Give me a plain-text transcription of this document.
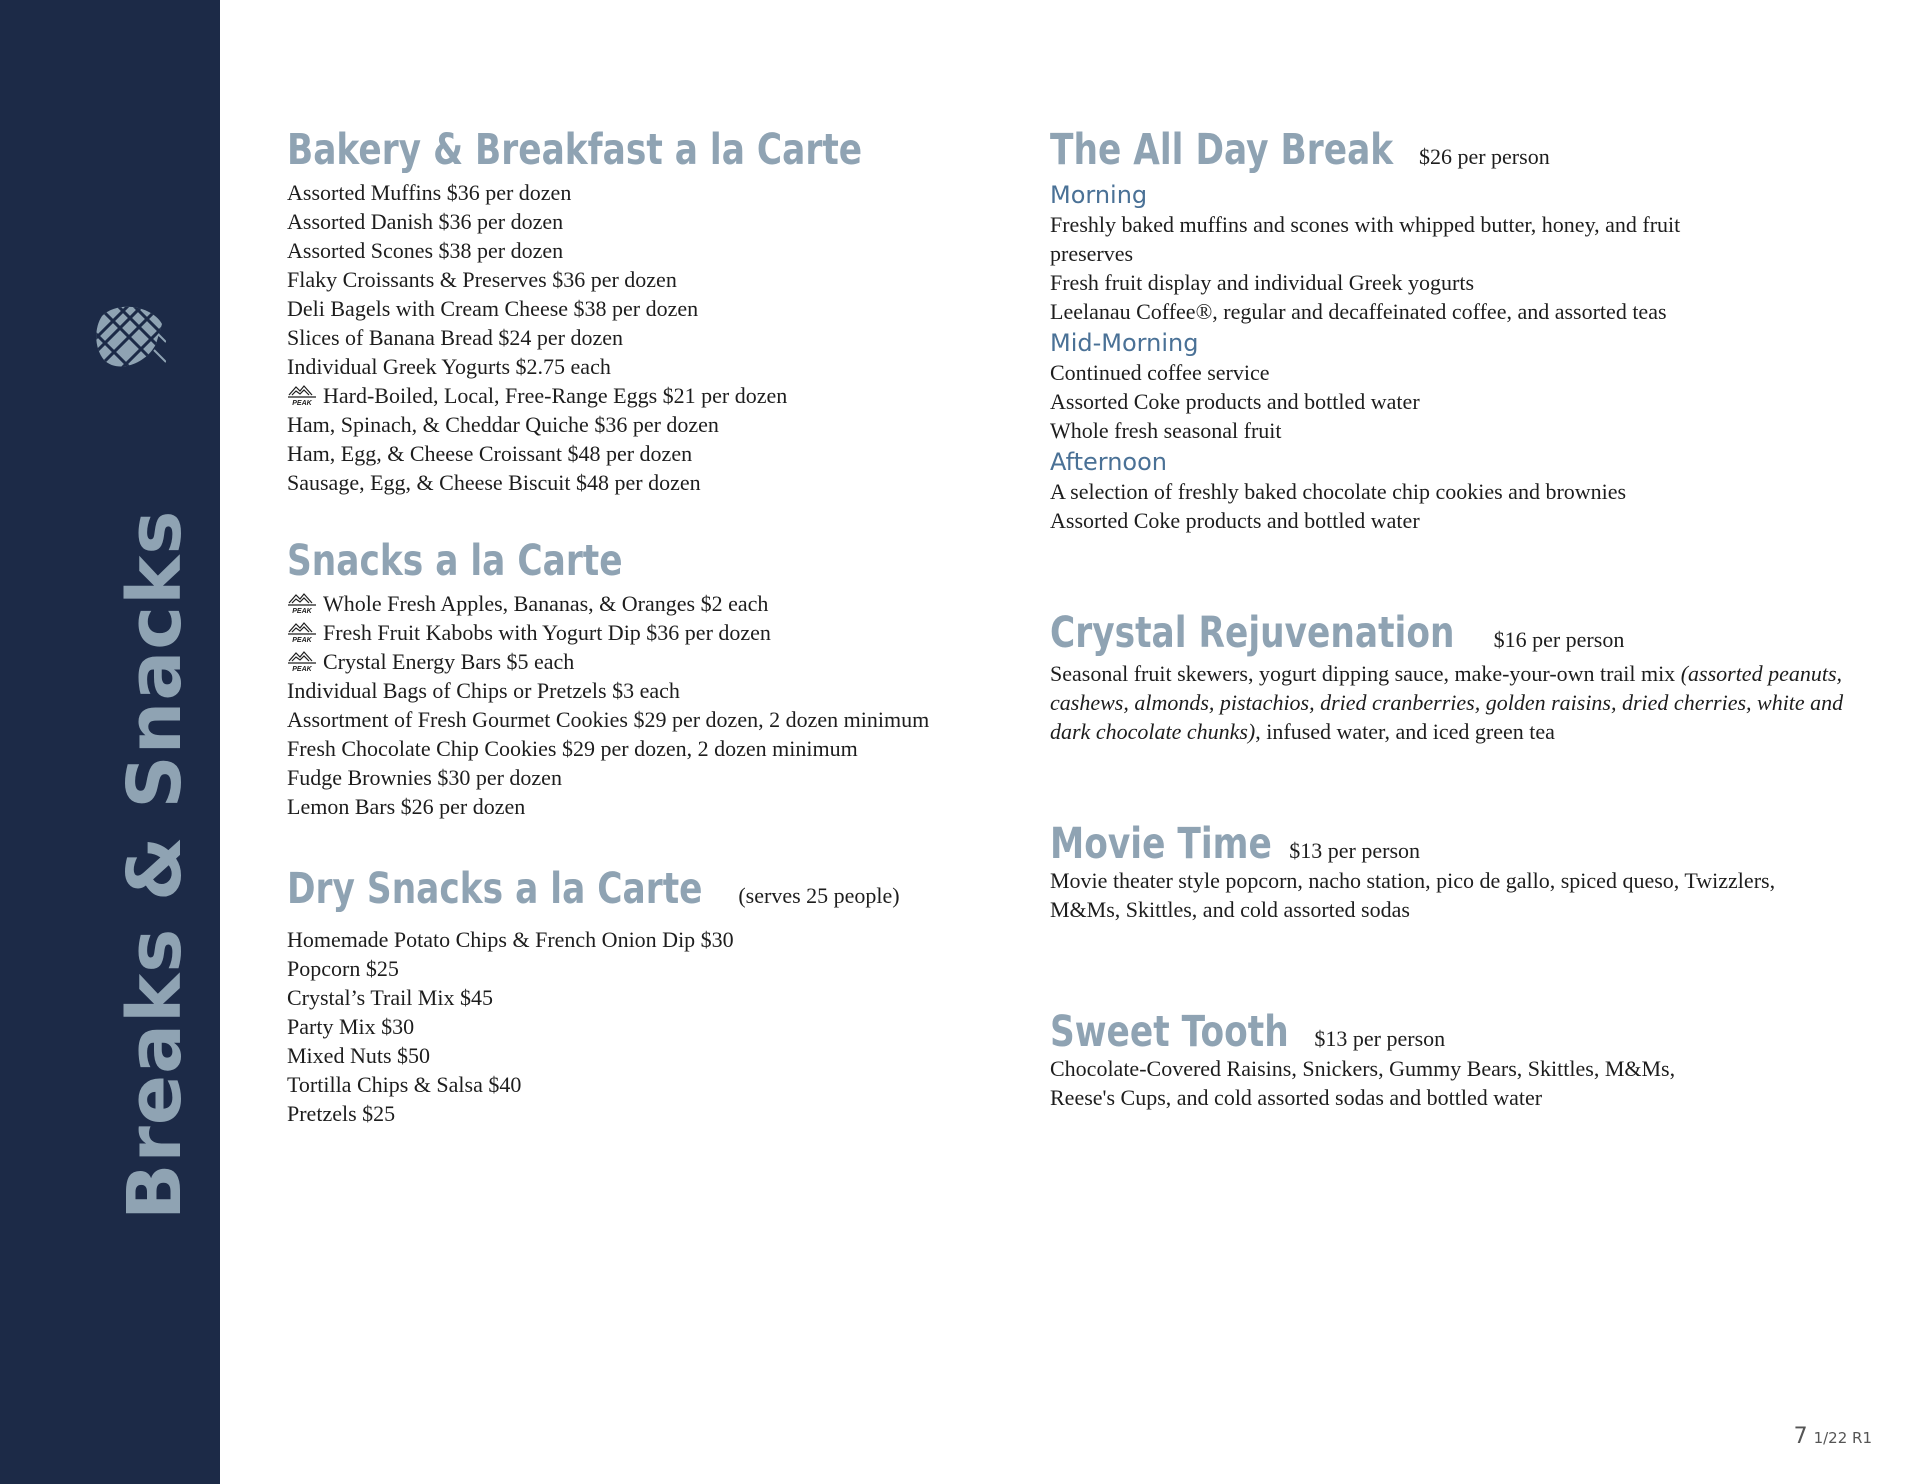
Breaks & Snacks
Bakery & Breakfast a la Carte
Assorted Muffins $36 per dozen
Assorted Danish $36 per dozen
Assorted Scones $38 per dozen
Flaky Croissants & Preserves $36 per dozen
Deli Bagels with Cream Cheese $38 per dozen
Slices of Banana Bread $24 per dozen
Individual Greek Yogurts $2.75 each
PEAK Hard-Boiled, Local, Free-Range Eggs $21 per dozen
Ham, Spinach, & Cheddar Quiche $36 per dozen
Ham, Egg, & Cheese Croissant $48 per dozen
Sausage, Egg, & Cheese Biscuit $48 per dozen
Snacks a la Carte
PEAK Whole Fresh Apples, Bananas, & Oranges $2 each
PEAK Fresh Fruit Kabobs with Yogurt Dip $36 per dozen
PEAK Crystal Energy Bars $5 each
Individual Bags of Chips or Pretzels $3 each
Assortment of Fresh Gourmet Cookies $29 per dozen, 2 dozen minimum
Fresh Chocolate Chip Cookies $29 per dozen, 2 dozen minimum
Fudge Brownies $30 per dozen
Lemon Bars $26 per dozen
Dry Snacks a la Carte (serves 25 people)
Homemade Potato Chips & French Onion Dip $30
Popcorn $25
Crystal’s Trail Mix $45
Party Mix $30
Mixed Nuts $50
Tortilla Chips & Salsa $40
Pretzels $25
The All Day Break $26 per person
Morning
Freshly baked muffins and scones with whipped butter, honey, and fruit
preserves
Fresh fruit display and individual Greek yogurts
Leelanau Coffee®, regular and decaffeinated coffee, and assorted teas
Mid-Morning
Continued coffee service
Assorted Coke products and bottled water
Whole fresh seasonal fruit
Afternoon
A selection of freshly baked chocolate chip cookies and brownies
Assorted Coke products and bottled water
Crystal Rejuvenation $16 per person
Seasonal fruit skewers, yogurt dipping sauce, make-your-own trail mix (assorted peanuts, cashews, almonds, pistachios, dried cranberries, golden raisins, dried cherries, white and dark chocolate chunks), infused water, and iced green tea
Movie Time $13 per person
Movie theater style popcorn, nacho station, pico de gallo, spiced queso, Twizzlers,
M&Ms, Skittles, and cold assorted sodas
Sweet Tooth $13 per person
Chocolate-Covered Raisins, Snickers, Gummy Bears, Skittles, M&Ms,
Reese's Cups, and cold assorted sodas and bottled water
7 1/22 R1
